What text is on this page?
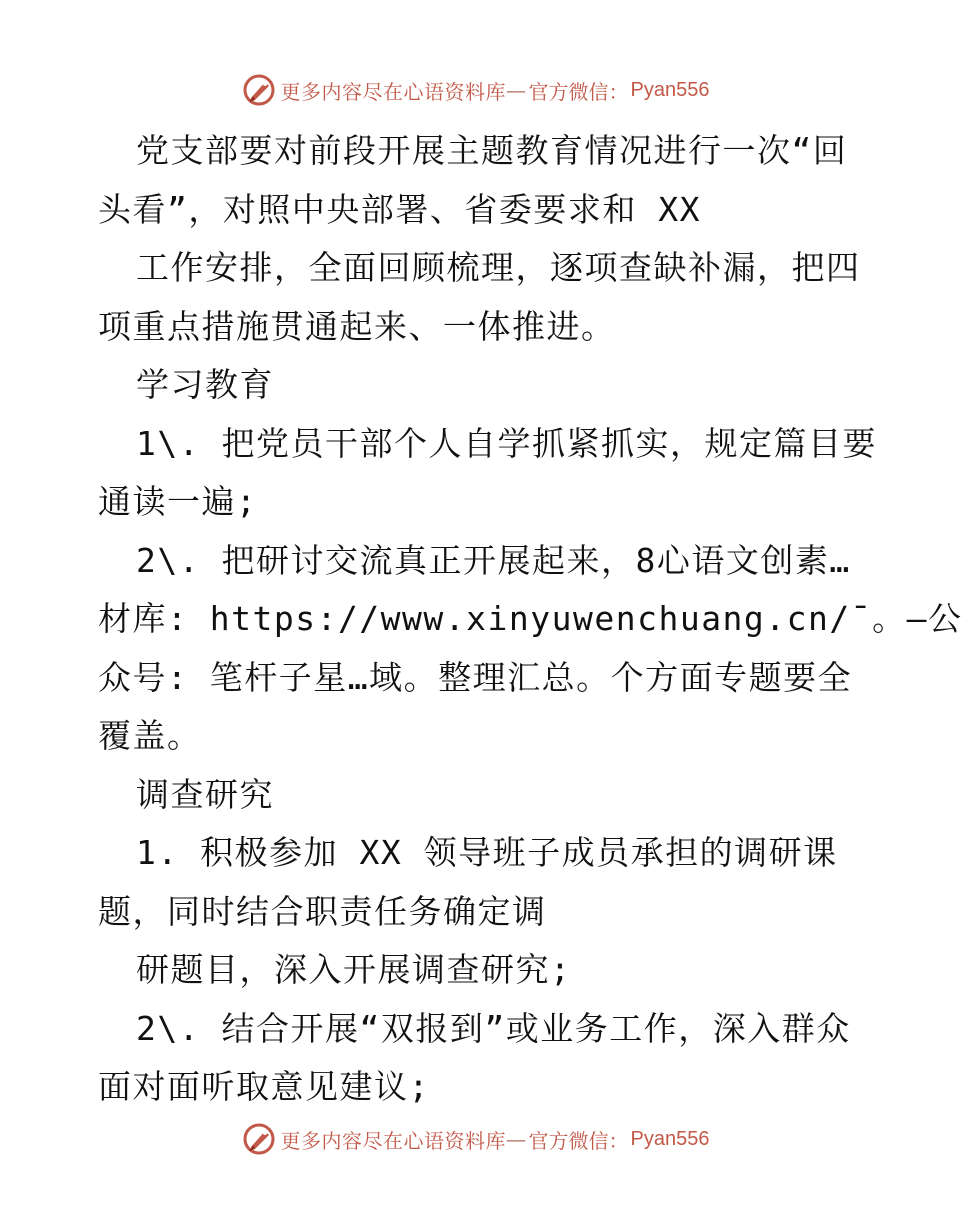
更多内容尽在心语资料库 — 官方微信： Pyan556
党支部要对前段开展主题教育情况进行一次“回
头看”，对照中央部署、省委要求和 XX
工作安排，全面回顾梳理，逐项查缺补漏，把四
项重点措施贯通起来、一体推进。
学习教育
1\. 把党员干部个人自学抓紧抓实，规定篇目要
通读一遍;
2\. 把研讨交流真正开展起来，8心语文创素…
材库: https://www.xinyuwenchuang.cn/¯。—公
众号: 笔杆子星…域。整理汇总。个方面专题要全
覆盖。
调查研究
1. 积极参加 XX 领导班子成员承担的调研课
题，同时结合职责任务确定调
研题目，深入开展调查研究;
2\. 结合开展“双报到”或业务工作，深入群众
面对面听取意见建议;
更多内容尽在心语资料库 — 官方微信： Pyan556
